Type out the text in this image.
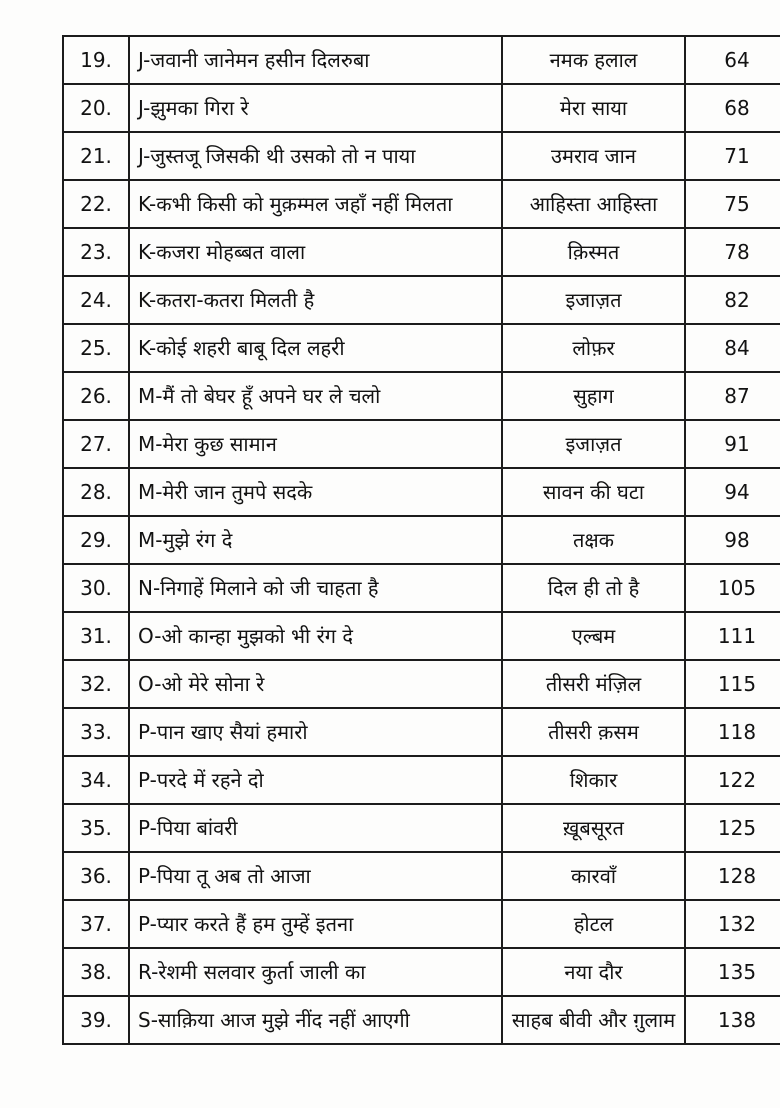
19.	J-जवानी जानेमन हसीन दिलरुबा	नमक हलाल	64
20.	J-झुमका गिरा रे	मेरा साया	68
21.	J-जुस्तजू जिसकी थी उसको तो न पाया	उमराव जान	71
22.	K-कभी किसी को मुक़म्मल जहाँ नहीं मिलता	आहिस्ता आहिस्ता	75
23.	K-कजरा मोहब्बत वाला	क़िस्मत	78
24.	K-कतरा-कतरा मिलती है	इजाज़त	82
25.	K-कोई शहरी बाबू दिल लहरी	लोफ़र	84
26.	M-मैं तो बेघर हूँ अपने घर ले चलो	सुहाग	87
27.	M-मेरा कुछ सामान	इजाज़त	91
28.	M-मेरी जान तुमपे सदके	सावन की घटा	94
29.	M-मुझे रंग दे	तक्षक	98
30.	N-निगाहें मिलाने को जी चाहता है	दिल ही तो है	105
31.	O-ओ कान्हा मुझको भी रंग दे	एल्बम	111
32.	O-ओ मेरे सोना रे	तीसरी मंज़िल	115
33.	P-पान खाए सैयां हमारो	तीसरी क़सम	118
34.	P-परदे में रहने दो	शिकार	122
35.	P-पिया बांवरी	ख़ूबसूरत	125
36.	P-पिया तू अब तो आजा	कारवाँ	128
37.	P-प्यार करते हैं हम तुम्हें इतना	होटल	132
38.	R-रेशमी सलवार कुर्ता जाली का	नया दौर	135
39.	S-साक़िया आज मुझे नींद नहीं आएगी	साहब बीवी और ग़ुलाम	138
